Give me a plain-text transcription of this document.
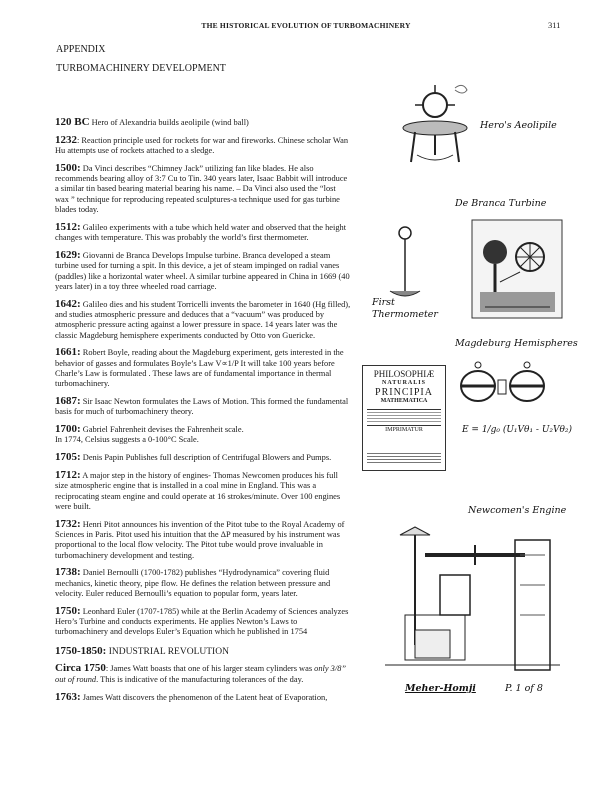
THE HISTORICAL EVOLUTION OF TURBOMACHINERY	311
APPENDIX
TURBOMACHINERY DEVELOPMENT
120 BC Hero of Alexandria builds aeolipile (wind ball)
1232: Reaction principle used for rockets for war and fireworks. Chinese scholar Wan Hu attempts use of rockets attached to a sledge.
1500: Da Vinci describes “Chimney Jack” utilizing fan like blades. He also recommends bearing alloy of 3:7 Cu to Tin. 340 years later, Isaac Babbit will introduce a similar tin based bearing material bearing his name. – Da Vinci also used the “lost wax ” technique for reproducing repeated sculptures-a technique used for gas turbine blades today.
1512: Galileo experiments with a tube which held water and observed that the height changes with temperature. This was probably the world’s first thermometer.
1629: Giovanni de Branca Develops Impulse turbine. Branca developed a steam turbine used for turning a spit. In this device, a jet of steam impinged on radial vanes (paddles) like a horizontal water wheel. A similar turbine appeared in China in 1669 (40 years later) in a toy three wheeled road carriage.
1642: Galileo dies and his student Torricelli invents the barometer in 1640 (Hg filled), and studies atmospheric pressure and deduces that a “vacuum” was produced by atmospheric pressure acting against a lower pressure in space. 14 years later was the classic Magdeburg hemisphere experiments conducted by Otto von Guericke.
1661: Robert Boyle, reading about the Magdeburg experiment, gets interested in the behavior of gasses and formulates Boyle’s Law V∝1/P It will take 100 years before Charle’s Law is formulated . These laws are of fundamental importance in thermal turbomachinery.
1687: Sir Isaac Newton formulates the Laws of Motion. This formed the fundamental basis for much of turbomachinery theory.
1700: Gabriel Fahrenheit devises the Fahrenheit scale.
In 1774, Celsius suggests a 0-100°C Scale.
1705: Denis Papin Publishes full description of Centrifugal Blowers and Pumps.
1712: A major step in the history of engines- Thomas Newcomen produces his full size atmospheric engine that is installed in a coal mine in England. This was a reciprocating steam engine and could operate at 16 strokes/minute. Over 100 engines were built.
1732: Henri Pitot announces his invention of the Pitot tube to the Royal Academy of Sciences in Paris. Pitot used his intuition that the ΔP measured by his instrument was proportional to the local flow velocity. The Pitot tube would prove invaluable in turbomachinery development and testing.
1738: Daniel Bernoulli (1700-1782) publishes “Hydrodynamica” covering fluid mechanics, kinetic theory, pipe flow. He defines the relation between pressure and velocity. Euler reduced Bernoulli’s equation to popular form, years later.
1750: Leonhard Euler (1707-1785) while at the Berlin Academy of Sciences analyzes Hero’s Turbine and conducts experiments. He applies Newton’s Laws to turbomachinery and develops Euler’s Equation which he published in 1754
1750-1850: INDUSTRIAL REVOLUTION
Circa 1750: James Watt boasts that one of his larger steam cylinders was only 3/8” out of round. This is indicative of the manufacturing tolerances of the day.
1763: James Watt discovers the phenomenon of the Latent heat of Evaporation,
Hero's Aeolipile
De Branca Turbine
First Thermometer
Magdeburg Hemispheres
PHILOSOPHIÆ
NATURALIS
PRINCIPIA
MATHEMATICA
IMPRIMATUR	E = 1/g₀ (U₁Vθ₁ - U₂Vθ₂)
Newcomen's Engine
Meher-Homji	P. 1 of 8
